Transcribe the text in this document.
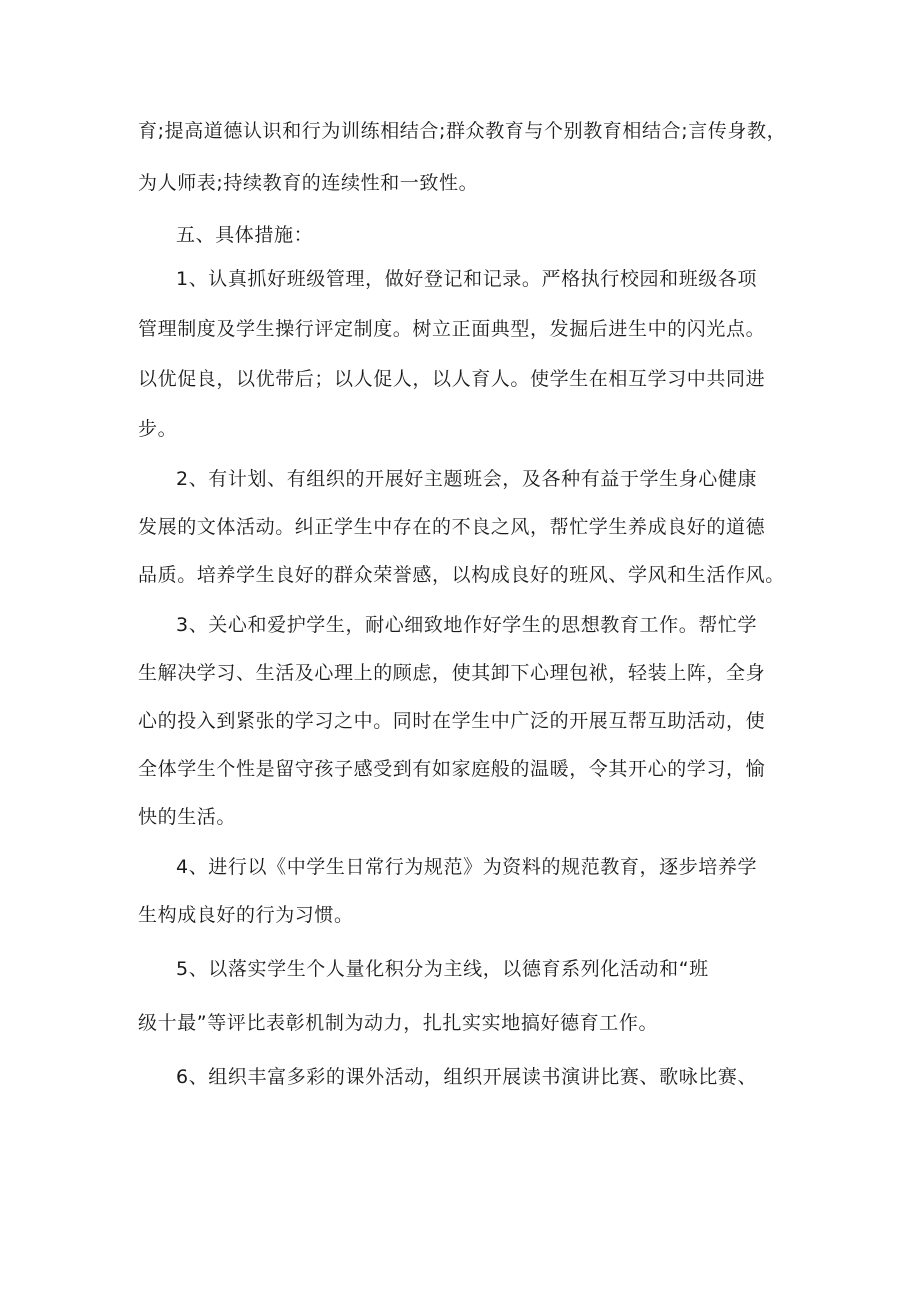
育;提高道德认识和行为训练相结合;群众教育与个别教育相结合;言传身教，
为人师表;持续教育的连续性和一致性。
五、具体措施：
1、认真抓好班级管理，做好登记和记录。严格执行校园和班级各项
管理制度及学生操行评定制度。树立正面典型，发掘后进生中的闪光点。
以优促良，以优带后；以人促人，以人育人。使学生在相互学习中共同进
步。
2、有计划、有组织的开展好主题班会，及各种有益于学生身心健康
发展的文体活动。纠正学生中存在的不良之风，帮忙学生养成良好的道德
品质。培养学生良好的群众荣誉感，以构成良好的班风、学风和生活作风。
3、关心和爱护学生，耐心细致地作好学生的思想教育工作。帮忙学
生解决学习、生活及心理上的顾虑，使其卸下心理包袱，轻装上阵，全身
心的投入到紧张的学习之中。同时在学生中广泛的开展互帮互助活动，使
全体学生个性是留守孩子感受到有如家庭般的温暖，令其开心的学习，愉
快的生活。
4、进行以《中学生日常行为规范》为资料的规范教育，逐步培养学
生构成良好的行为习惯。
5、以落实学生个人量化积分为主线，以德育系列化活动和“班
级十最”等评比表彰机制为动力，扎扎实实地搞好德育工作。
6、组织丰富多彩的课外活动，组织开展读书演讲比赛、歌咏比赛、
